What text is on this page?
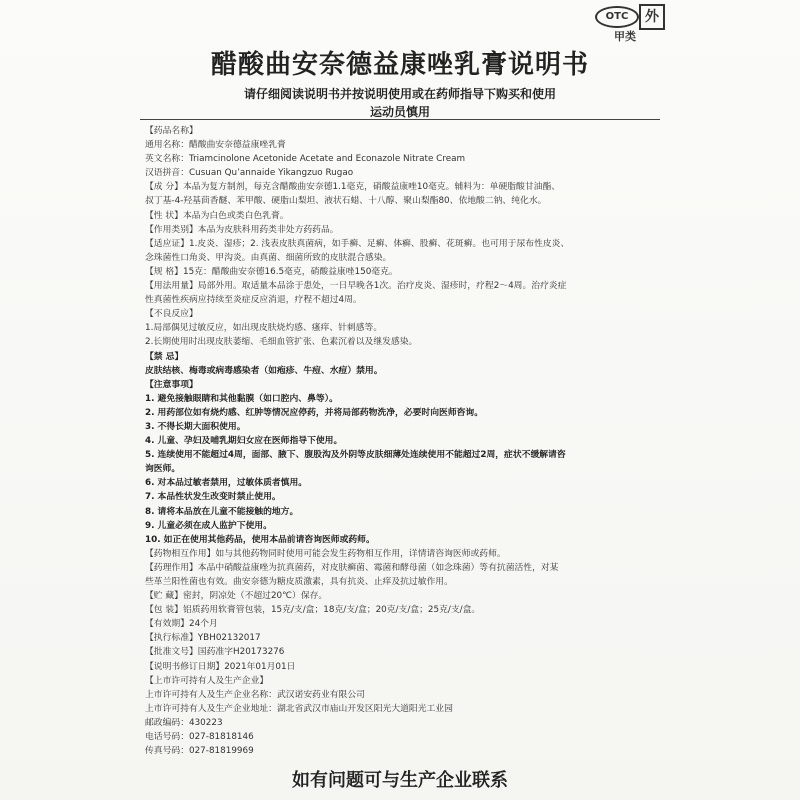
OTC	外
甲类
醋酸曲安奈德益康唑乳膏说明书
请仔细阅读说明书并按说明使用或在药师指导下购买和使用
运动员慎用
【药品名称】
通用名称：醋酸曲安奈德益康唑乳膏
英文名称：Triamcinolone Acetonide Acetate and Econazole Nitrate Cream
汉语拼音：Cusuan Qu’annaide Yikangzuo Rugao
【成 分】本品为复方制剂，每克含醋酸曲安奈德1.1毫克，硝酸益康唑10毫克。辅料为：单硬脂酸甘油酯、
叔丁基-4-羟基茴香醚、苯甲酸、硬脂山梨坦、液状石蜡、十八醇、聚山梨酯80、依地酸二钠、纯化水。
【性 状】本品为白色或类白色乳膏。
【作用类别】本品为皮肤科用药类非处方药药品。
【适应证】1.皮炎、湿疹；2. 浅表皮肤真菌病，如手癣、足癣、体癣、股癣、花斑癣。也可用于尿布性皮炎、
念珠菌性口角炎、甲沟炎。由真菌、细菌所致的皮肤混合感染。
【规 格】15克：醋酸曲安奈德16.5毫克，硝酸益康唑150毫克。
【用法用量】局部外用。取适量本品涂于患处，一日早晚各1次。治疗皮炎、湿疹时，疗程2～4周。治疗炎症
性真菌性疾病应持续至炎症反应消退，疗程不超过4周。
【不良反应】
1.局部偶见过敏反应，如出现皮肤烧灼感、瘙痒、针刺感等。
2.长期使用时出现皮肤萎缩、毛细血管扩张、色素沉着以及继发感染。
【禁 忌】
皮肤结核、梅毒或病毒感染者（如疱疹、牛痘、水痘）禁用。
【注意事项】
1. 避免接触眼睛和其他黏膜（如口腔内、鼻等）。
2. 用药部位如有烧灼感、红肿等情况应停药，并将局部药物洗净，必要时向医师咨询。
3. 不得长期大面积使用。
4. 儿童、孕妇及哺乳期妇女应在医师指导下使用。
5. 连续使用不能超过4周，面部、腋下、腹股沟及外阴等皮肤细薄处连续使用不能超过2周，症状不缓解请咨
询医师。
6. 对本品过敏者禁用，过敏体质者慎用。
7. 本品性状发生改变时禁止使用。
8. 请将本品放在儿童不能接触的地方。
9. 儿童必须在成人监护下使用。
10. 如正在使用其他药品，使用本品前请咨询医师或药师。
【药物相互作用】如与其他药物同时使用可能会发生药物相互作用，详情请咨询医师或药师。
【药理作用】本品中硝酸益康唑为抗真菌药，对皮肤癣菌、霉菌和酵母菌（如念珠菌）等有抗菌活性，对某
些革兰阳性菌也有效。曲安奈德为糖皮质激素，具有抗炎、止痒及抗过敏作用。
【贮 藏】密封，阴凉处（不超过20℃）保存。
【包 装】铝质药用软膏管包装，15克/支/盒；18克/支/盒；20克/支/盒；25克/支/盒。
【有效期】24个月
【执行标准】YBH02132017
【批准文号】国药准字H20173276
【说明书修订日期】2021年01月01日
【上市许可持有人及生产企业】
上市许可持有人及生产企业名称：武汉诺安药业有限公司
上市许可持有人及生产企业地址：湖北省武汉市庙山开发区阳光大道阳光工业园
邮政编码：430223
电话号码：027-81818146
传真号码：027-81819969
如有问题可与生产企业联系
